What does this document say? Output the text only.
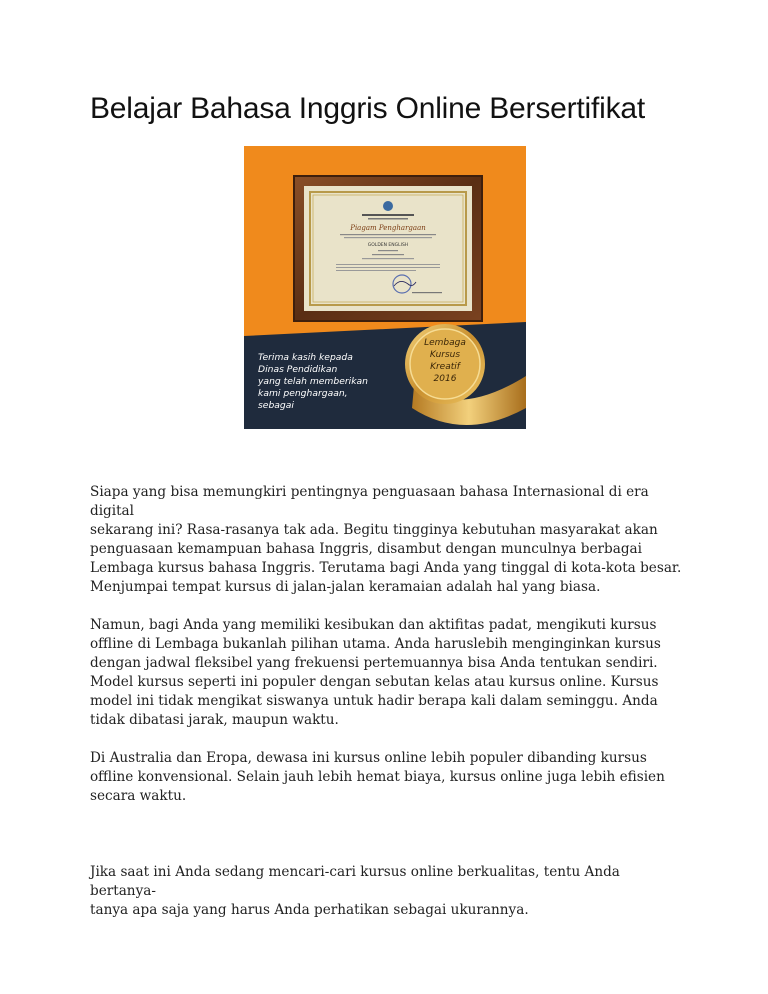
Belajar Bahasa Inggris Online Bersertifikat
Piagam Penghargaan
GOLDEN ENGLISH
Terima kasih kepada
Dinas Pendidikan
yang telah memberikan
kami penghargaan,
sebagai
Lembaga
Kursus
Kreatif
2016

Siapa yang bisa memungkiri pentingnya penguasaan bahasa Internasional di era digital
sekarang ini? Rasa-rasanya tak ada. Begitu tingginya kebutuhan masyarakat akan
penguasaan kemampuan bahasa Inggris, disambut dengan munculnya berbagai
Lembaga kursus bahasa Inggris. Terutama bagi Anda yang tinggal di kota-kota besar.
Menjumpai tempat kursus di jalan-jalan keramaian adalah hal yang biasa.

Namun, bagi Anda yang memiliki kesibukan dan aktifitas padat, mengikuti kursus
offline di Lembaga bukanlah pilihan utama. Anda haruslebih menginginkan kursus
dengan jadwal fleksibel yang frekuensi pertemuannya bisa Anda tentukan sendiri.
Model kursus seperti ini populer dengan sebutan kelas atau kursus online. Kursus
model ini tidak mengikat siswanya untuk hadir berapa kali dalam seminggu. Anda
tidak dibatasi jarak, maupun waktu.

Di Australia dan Eropa, dewasa ini kursus online lebih populer dibanding kursus
offline konvensional. Selain jauh lebih hemat biaya, kursus online juga lebih efisien
secara waktu.

Jika saat ini Anda sedang mencari-cari kursus online berkualitas, tentu Anda bertanya-
tanya apa saja yang harus Anda perhatikan sebagai ukurannya.
